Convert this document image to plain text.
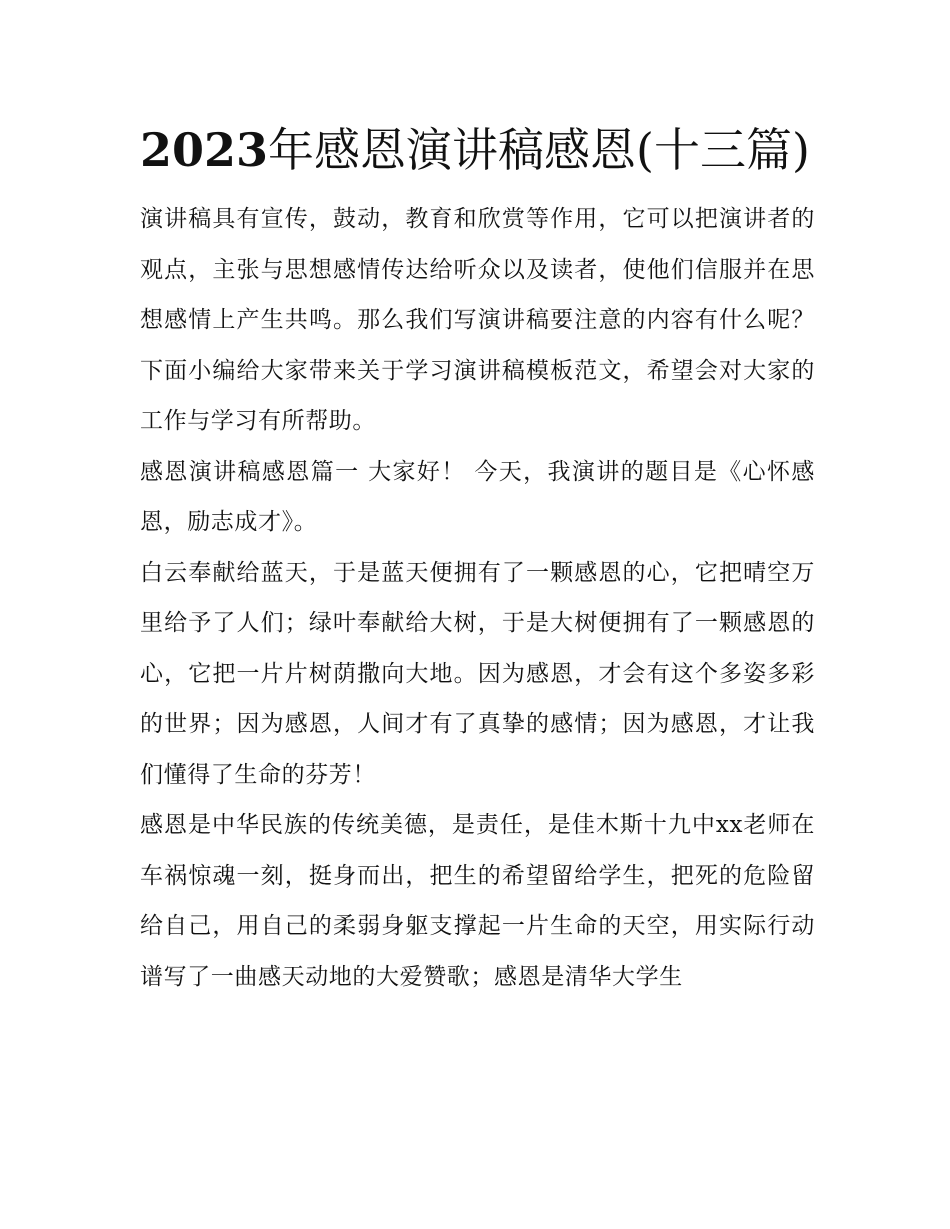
2023年感恩演讲稿感恩(十三篇)

演讲稿具有宣传，鼓动，教育和欣赏等作用，它可以把演讲者的观点，主张与思想感情传达给听众以及读者，使他们信服并在思想感情上产生共鸣。那么我们写演讲稿要注意的内容有什么呢？下面小编给大家带来关于学习演讲稿模板范文，希望会对大家的工作与学习有所帮助。

感恩演讲稿感恩篇一 大家好！ 今天，我演讲的题目是《心怀感恩，励志成才》。

白云奉献给蓝天，于是蓝天便拥有了一颗感恩的心，它把晴空万里给予了人们；绿叶奉献给大树，于是大树便拥有了一颗感恩的心，它把一片片树荫撒向大地。因为感恩，才会有这个多姿多彩的世界；因为感恩，人间才有了真挚的感情；因为感恩，才让我们懂得了生命的芬芳！

感恩是中华民族的传统美德，是责任，是佳木斯十九中xx老师在车祸惊魂一刻，挺身而出，把生的希望留给学生，把死的危险留给自己，用自己的柔弱身躯支撑起一片生命的天空，用实际行动谱写了一曲感天动地的大爱赞歌；感恩是清华大学生
